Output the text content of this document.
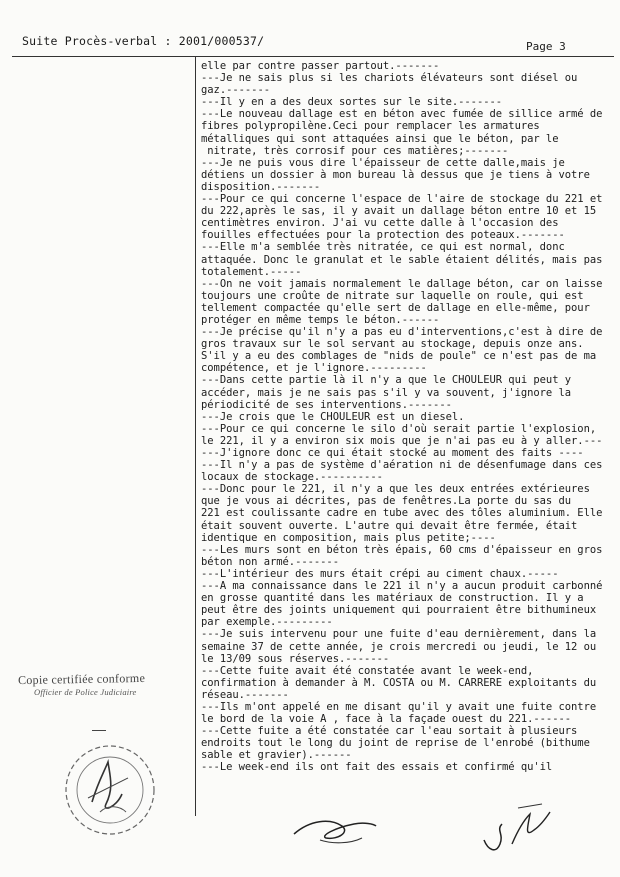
Suite Procès-verbal : 2001/000537/	Page 3
elle par contre passer partout.-------
---Je ne sais plus si les chariots élévateurs sont diésel ou
gaz.-------
---Il y en a des deux sortes sur le site.-------
---Le nouveau dallage est en béton avec fumée de sillice armé de
fibres polypropilène.Ceci pour remplacer les armatures
métalliques qui sont attaquées ainsi que le béton, par le
nitrate, très corrosif pour ces matières;-------
---Je ne puis vous dire l'épaisseur de cette dalle,mais je
détiens un dossier à mon bureau là dessus que je tiens à votre
disposition.-------
---Pour ce qui concerne l'espace de l'aire de stockage du 221 et
du 222,après le sas, il y avait un dallage béton entre 10 et 15
centimètres environ. J'ai vu cette dalle à l'occasion des
fouilles effectuées pour la protection des poteaux.-------
---Elle m'a semblée très nitratée, ce qui est normal, donc
attaquée. Donc le granulat et le sable étaient délités, mais pas
totalement.-----
---On ne voit jamais normalement le dallage béton, car on laisse
toujours une croûte de nitrate sur laquelle on roule, qui est
tellement compactée qu'elle sert de dallage en elle-même, pour
protéger en même temps le béton.------
---Je précise qu'il n'y a pas eu d'interventions,c'est à dire de
gros travaux sur le sol servant au stockage, depuis onze ans.
S'il y a eu des comblages de "nids de poule" ce n'est pas de ma
compétence, et je l'ignore.---------
---Dans cette partie là il n'y a que le CHOULEUR qui peut y
accéder, mais je ne sais pas s'il y va souvent, j'ignore la
périodicité de ses interventions.-------
---Je crois que le CHOULEUR est un diesel.
---Pour ce qui concerne le silo d'où serait partie l'explosion,
le 221, il y a environ six mois que je n'ai pas eu à y aller.---
---J'ignore donc ce qui était stocké au moment des faits ----
---Il n'y a pas de système d'aération ni de désenfumage dans ces
locaux de stockage.----------
---Donc pour le 221, il n'y a que les deux entrées extérieures
que je vous ai décrites, pas de fenêtres.La porte du sas du
221 est coulissante cadre en tube avec des tôles aluminium. Elle
était souvent ouverte. L'autre qui devait être fermée, était
identique en composition, mais plus petite;----
---Les murs sont en béton très épais, 60 cms d'épaisseur en gros
béton non armé.-------
---L'intérieur des murs était crépi au ciment chaux.-----
---A ma connaissance dans le 221 il n'y a aucun produit carbonné
en grosse quantité dans les matériaux de construction. Il y a
peut être des joints uniquement qui pourraient être bithumineux
par exemple.---------
---Je suis intervenu pour une fuite d'eau dernièrement, dans la
semaine 37 de cette année, je crois mercredi ou jeudi, le 12 ou
le 13/09 sous réserves.-------
---Cette fuite avait été constatée avant le week-end,
confirmation à demander à M. COSTA ou M. CARRERE exploitants du
réseau.-------
---Ils m'ont appelé en me disant qu'il y avait une fuite contre
le bord de la voie A , face à la façade ouest du 221.------
---Cette fuite a été constatée car l'eau sortait à plusieurs
endroits tout le long du joint de reprise de l'enrobé (bithume
sable et gravier).------
---Le week-end ils ont fait des essais et confirmé qu'il
Copie certifiée conforme
Officier de Police Judiciaire
